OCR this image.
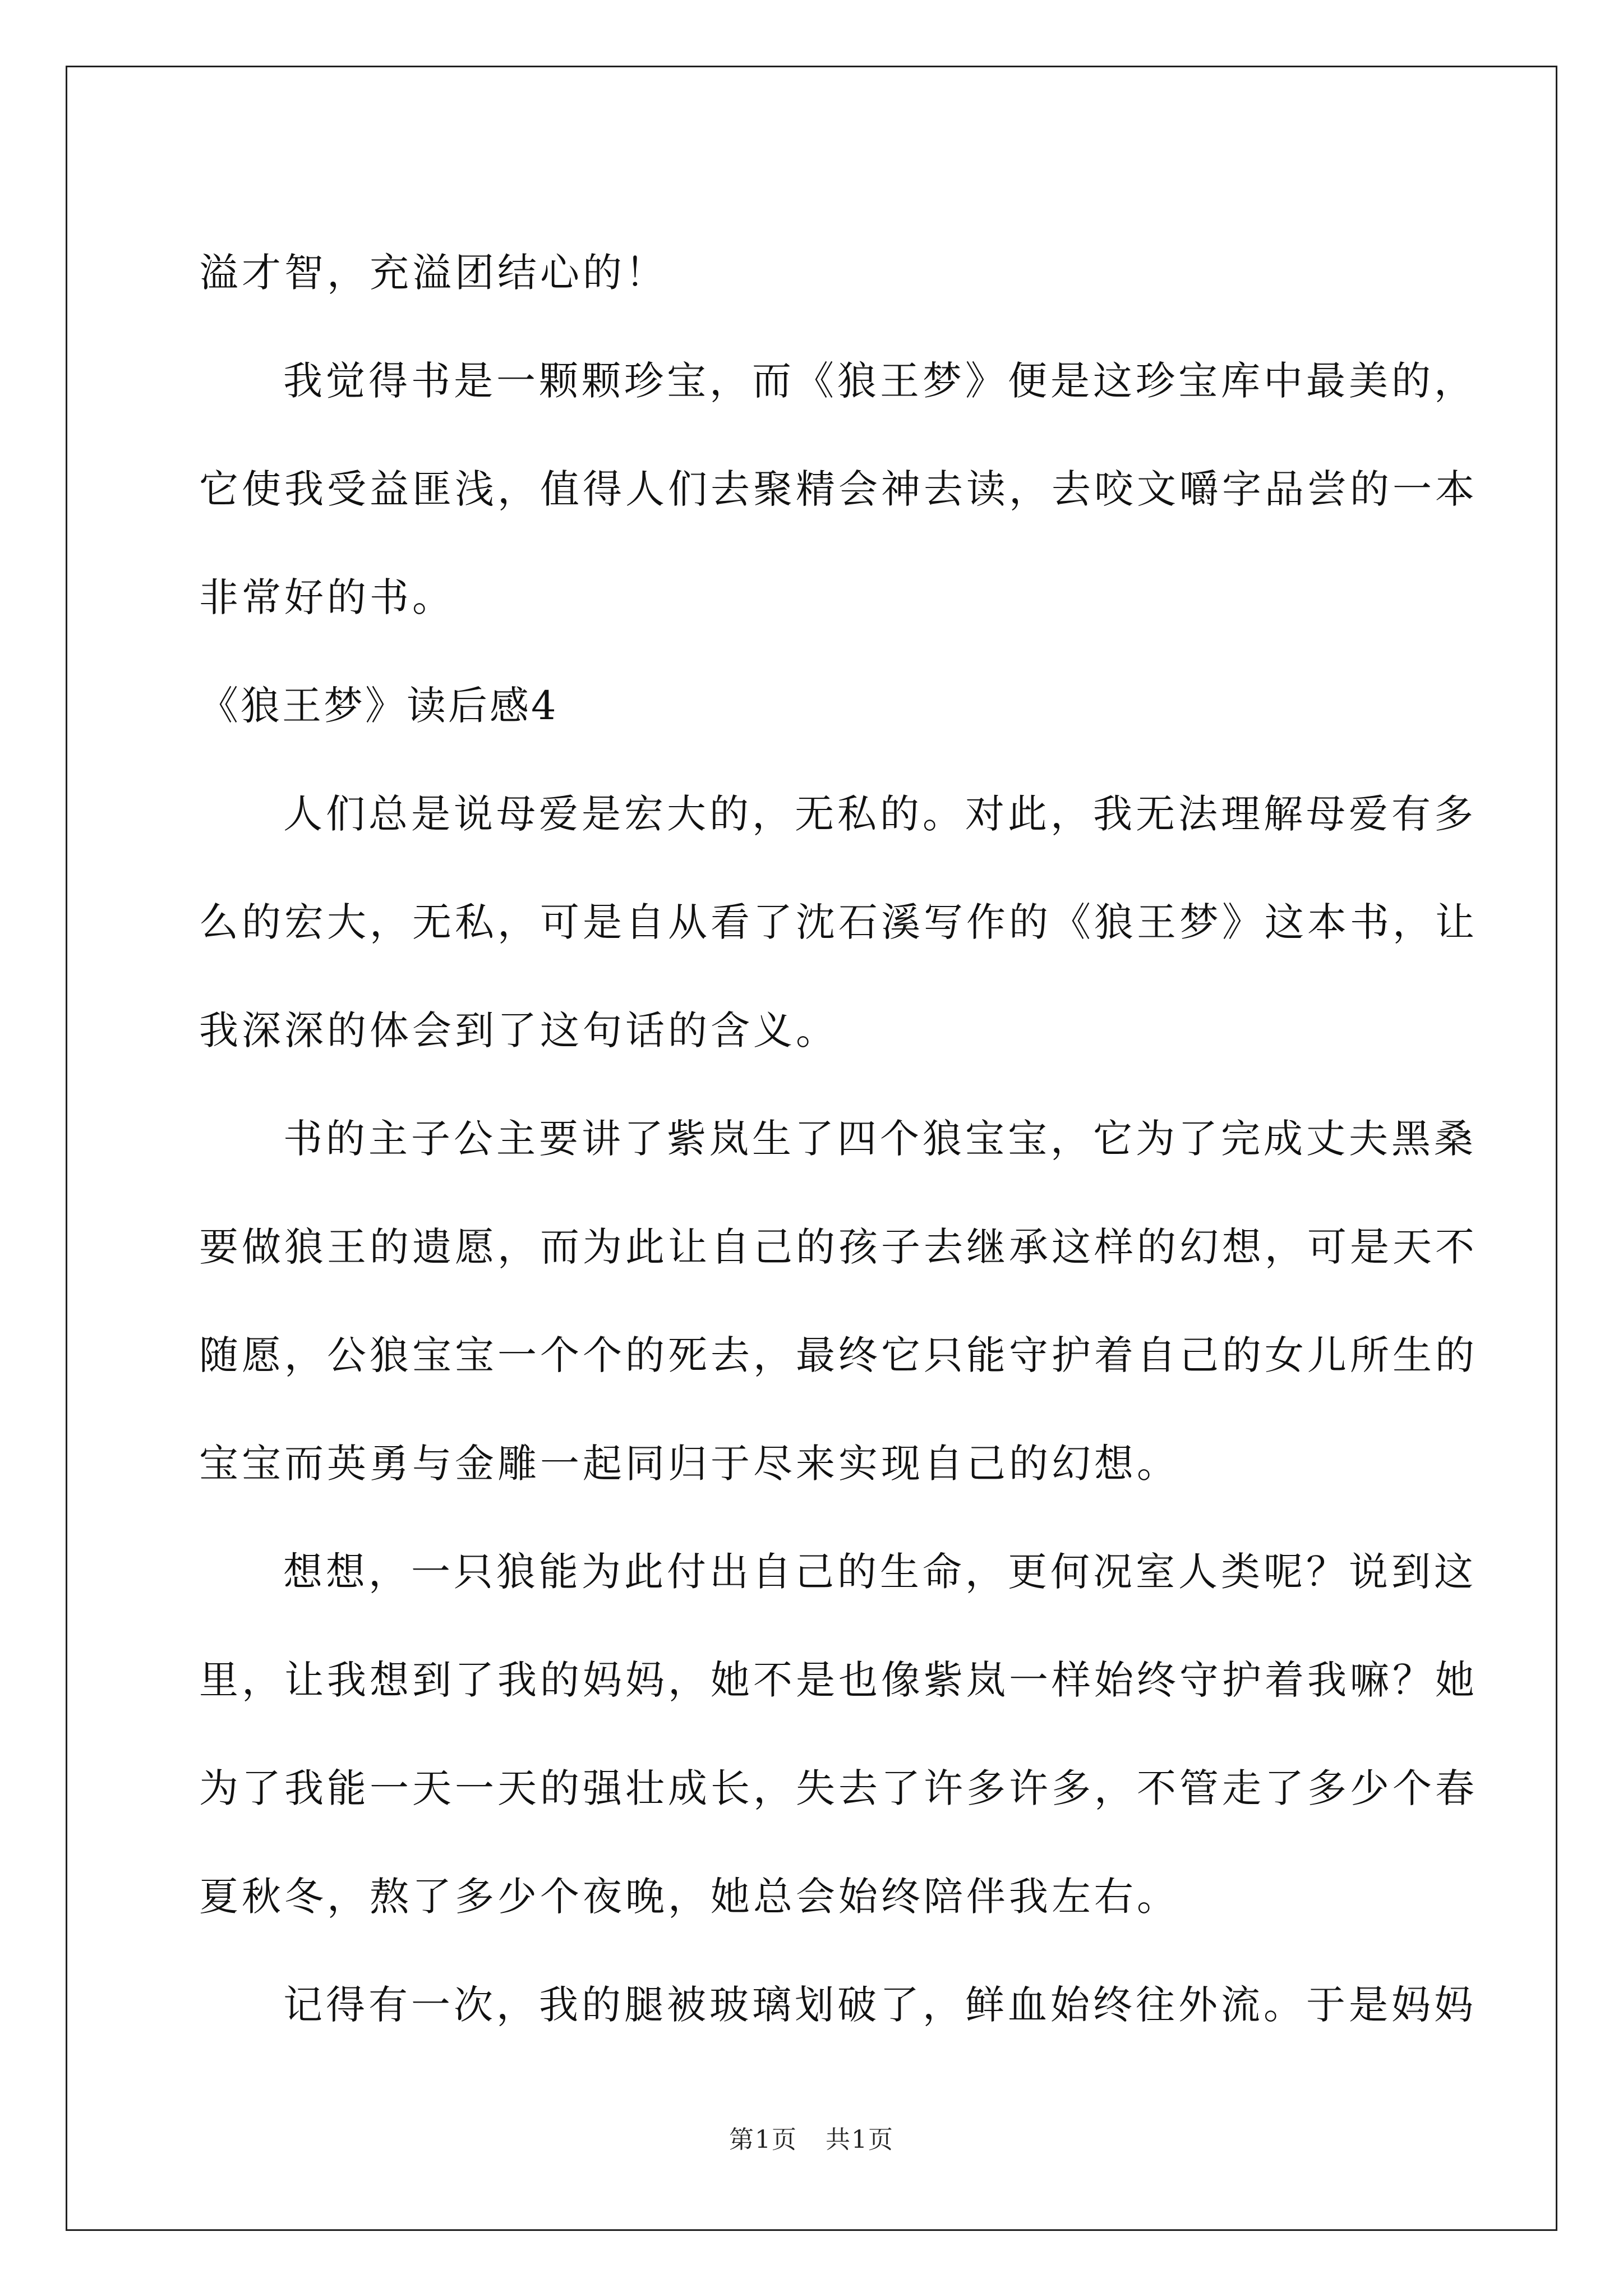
溢才智，充溢团结心的！
我觉得书是一颗颗珍宝，而《狼王梦》便是这珍宝库中最美的，
它使我受益匪浅，值得人们去聚精会神去读，去咬文嚼字品尝的一本
非常好的书。
《狼王梦》读后感4
人们总是说母爱是宏大的，无私的。对此，我无法理解母爱有多
么的宏大，无私，可是自从看了沈石溪写作的《狼王梦》这本书，让
我深深的体会到了这句话的含义。
书的主子公主要讲了紫岚生了四个狼宝宝，它为了完成丈夫黑桑
要做狼王的遗愿，而为此让自己的孩子去继承这样的幻想，可是天不
随愿，公狼宝宝一个个的死去，最终它只能守护着自己的女儿所生的
宝宝而英勇与金雕一起同归于尽来实现自己的幻想。
想想，一只狼能为此付出自己的生命，更何况室人类呢？说到这
里，让我想到了我的妈妈，她不是也像紫岚一样始终守护着我嘛？她
为了我能一天一天的强壮成长，失去了许多许多，不管走了多少个春
夏秋冬，熬了多少个夜晚，她总会始终陪伴我左右。
记得有一次，我的腿被玻璃划破了，鲜血始终往外流。于是妈妈
第1页 共1页
